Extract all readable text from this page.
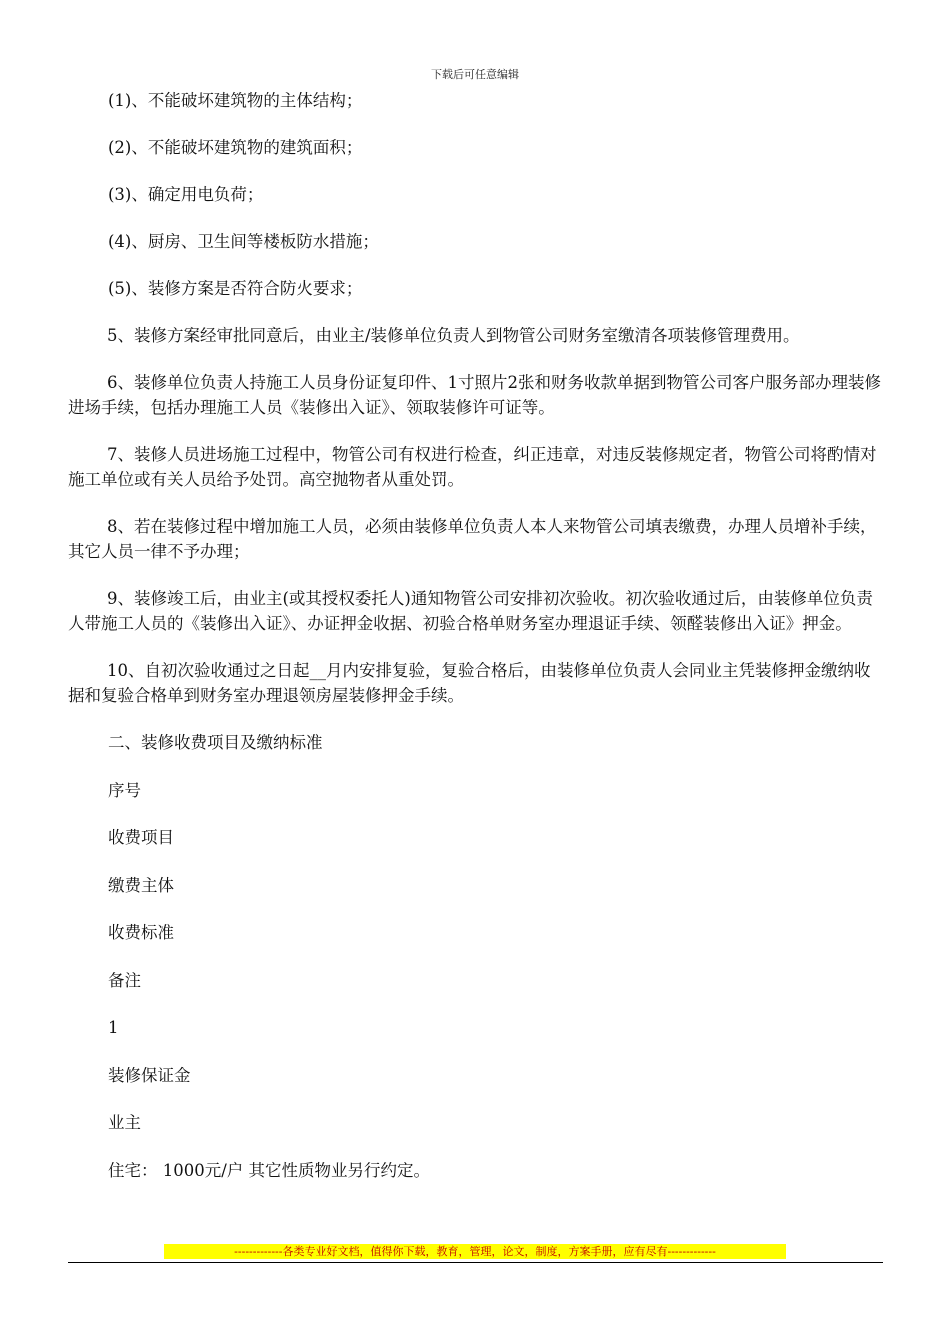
下载后可任意编辑

(1)、不能破坏建筑物的主体结构；

(2)、不能破坏建筑物的建筑面积；

(3)、确定用电负荷；

(4)、厨房、卫生间等楼板防水措施；

(5)、装修方案是否符合防火要求；

5、装修方案经审批同意后，由业主/装修单位负责人到物管公司财务室缴清各项装修管理费用。

6、装修单位负责人持施工人员身份证复印件、1寸照片2张和财务收款单据到物管公司客户服务部办理装修进场手续，包括办理施工人员《装修出入证》、领取装修许可证等。

7、装修人员进场施工过程中，物管公司有权进行检查，纠正违章，对违反装修规定者，物管公司将酌情对施工单位或有关人员给予处罚。高空抛物者从重处罚。

8、若在装修过程中增加施工人员，必须由装修单位负责人本人来物管公司填表缴费，办理人员增补手续，其它人员一律不予办理；

9、装修竣工后，由业主(或其授权委托人)通知物管公司安排初次验收。初次验收通过后，由装修单位负责人带施工人员的《装修出入证》、办证押金收据、初验合格单财务室办理退证手续、领醛装修出入证》押金。

10、自初次验收通过之日起__月内安排复验，复验合格后，由装修单位负责人会同业主凭装修押金缴纳收据和复验合格单到财务室办理退领房屋装修押金手续。

二、装修收费项目及缴纳标准

序号

收费项目

缴费主体

收费标准

备注

1

装修保证金

业主

住宅： 1000元/户 其它性质物业另行约定。

-------------各类专业好文档，值得你下载，教育，管理，论文，制度，方案手册，应有尽有-------------
